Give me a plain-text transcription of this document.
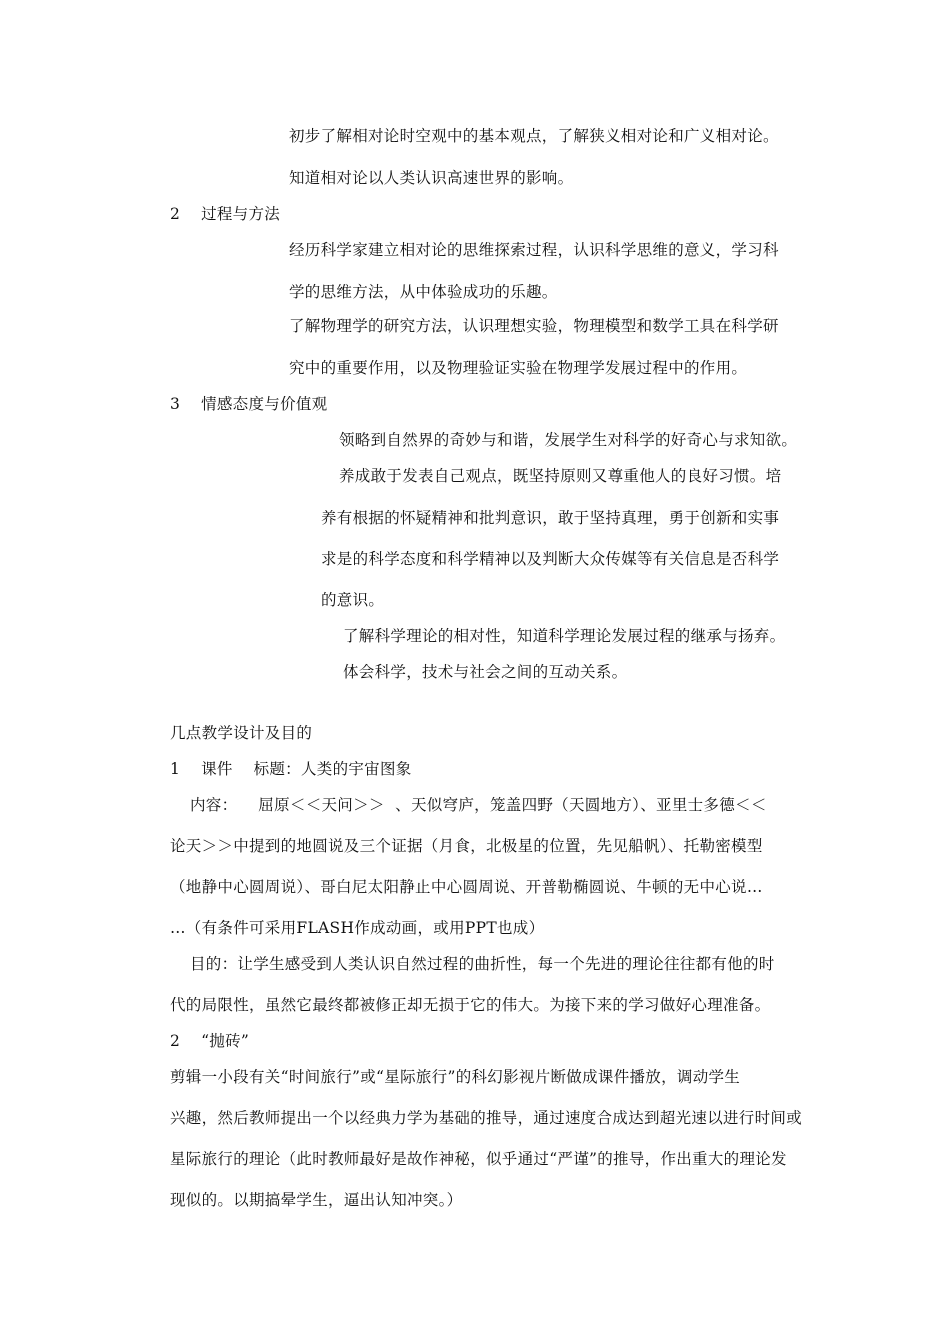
初步了解相对论时空观中的基本观点，了解狭义相对论和广义相对论。
知道相对论以人类认识高速世界的影响。
2    过程与方法
经历科学家建立相对论的思维探索过程，认识科学思维的意义，学习科
学的思维方法，从中体验成功的乐趣。
了解物理学的研究方法，认识理想实验，物理模型和数学工具在科学研
究中的重要作用，以及物理验证实验在物理学发展过程中的作用。
3    情感态度与价值观
领略到自然界的奇妙与和谐，发展学生对科学的好奇心与求知欲。
养成敢于发表自己观点，既坚持原则又尊重他人的良好习惯。培
养有根据的怀疑精神和批判意识，敢于坚持真理，勇于创新和实事
求是的科学态度和科学精神以及判断大众传媒等有关信息是否科学
的意识。
了解科学理论的相对性，知道科学理论发展过程的继承与扬弃。
体会科学，技术与社会之间的互动关系。
几点教学设计及目的
1    课件    标题：人类的宇宙图象
内容：    屈原＜＜天问＞＞  、天似穹庐，笼盖四野（天圆地方）、亚里士多德＜＜
论天＞＞中提到的地圆说及三个证据（月食，北极星的位置，先见船帆）、托勒密模型
（地静中心圆周说）、哥白尼太阳静止中心圆周说、开普勒椭圆说、牛顿的无中心说…
…（有条件可采用FLASH作成动画，或用PPT也成）
目的：让学生感受到人类认识自然过程的曲折性，每一个先进的理论往往都有他的时
代的局限性，虽然它最终都被修正却无损于它的伟大。为接下来的学习做好心理准备。
2    “抛砖”
剪辑一小段有关“时间旅行”或“星际旅行”的科幻影视片断做成课件播放，调动学生
兴趣，然后教师提出一个以经典力学为基础的推导，通过速度合成达到超光速以进行时间或
星际旅行的理论（此时教师最好是故作神秘，似乎通过“严谨”的推导，作出重大的理论发
现似的。以期搞晕学生，逼出认知冲突。）
